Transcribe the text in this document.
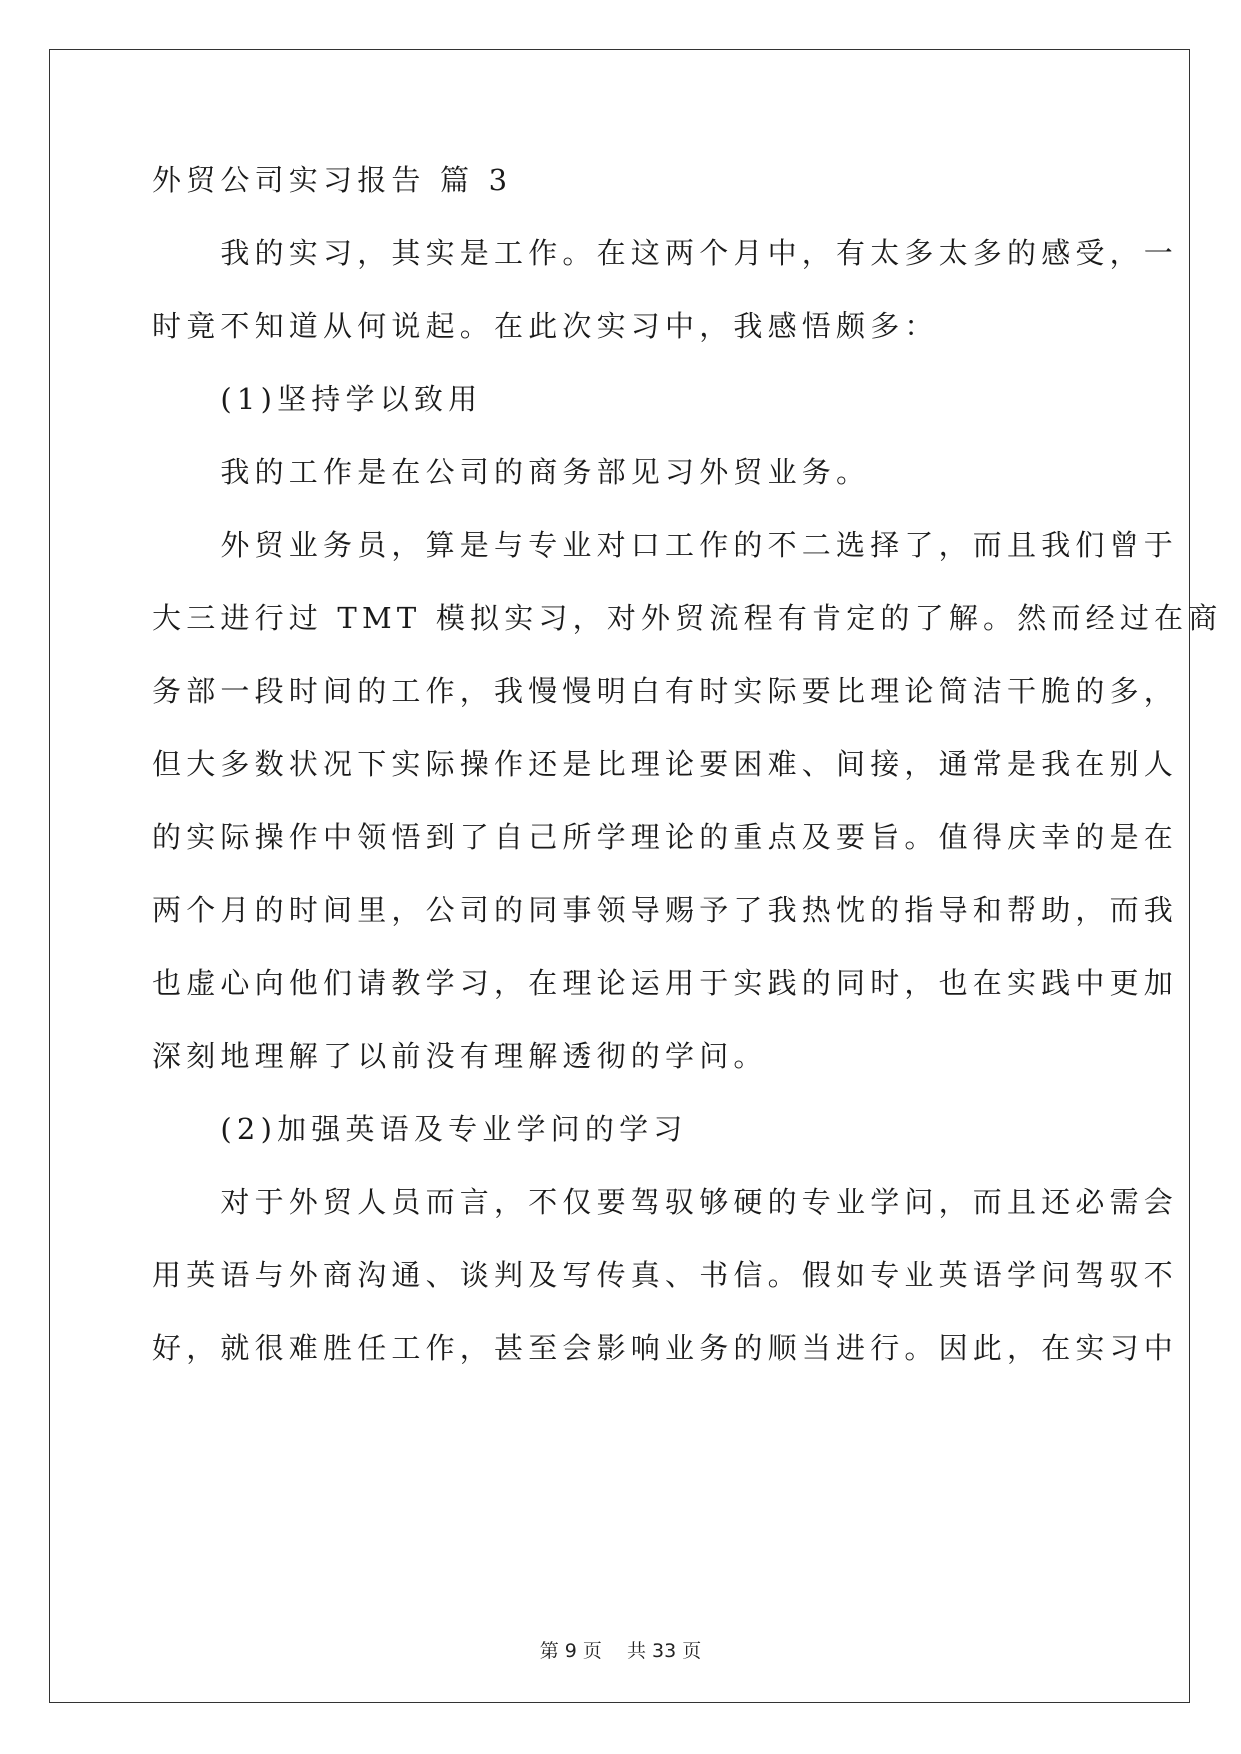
外贸公司实习报告 篇 3

　　我的实习，其实是工作。在这两个月中，有太多太多的感受，一

时竟不知道从何说起。在此次实习中，我感悟颇多：

　　(1)坚持学以致用

　　我的工作是在公司的商务部见习外贸业务。

　　外贸业务员，算是与专业对口工作的不二选择了，而且我们曾于

大三进行过 TMT 模拟实习，对外贸流程有肯定的了解。然而经过在商

务部一段时间的工作，我慢慢明白有时实际要比理论简洁干脆的多，

但大多数状况下实际操作还是比理论要困难、间接，通常是我在别人

的实际操作中领悟到了自己所学理论的重点及要旨。值得庆幸的是在

两个月的时间里，公司的同事领导赐予了我热忱的指导和帮助，而我

也虚心向他们请教学习，在理论运用于实践的同时，也在实践中更加

深刻地理解了以前没有理解透彻的学问。

　　(2)加强英语及专业学问的学习

　　对于外贸人员而言，不仅要驾驭够硬的专业学问，而且还必需会

用英语与外商沟通、谈判及写传真、书信。假如专业英语学问驾驭不

好，就很难胜任工作，甚至会影响业务的顺当进行。因此，在实习中

第 9 页　 共 33 页
